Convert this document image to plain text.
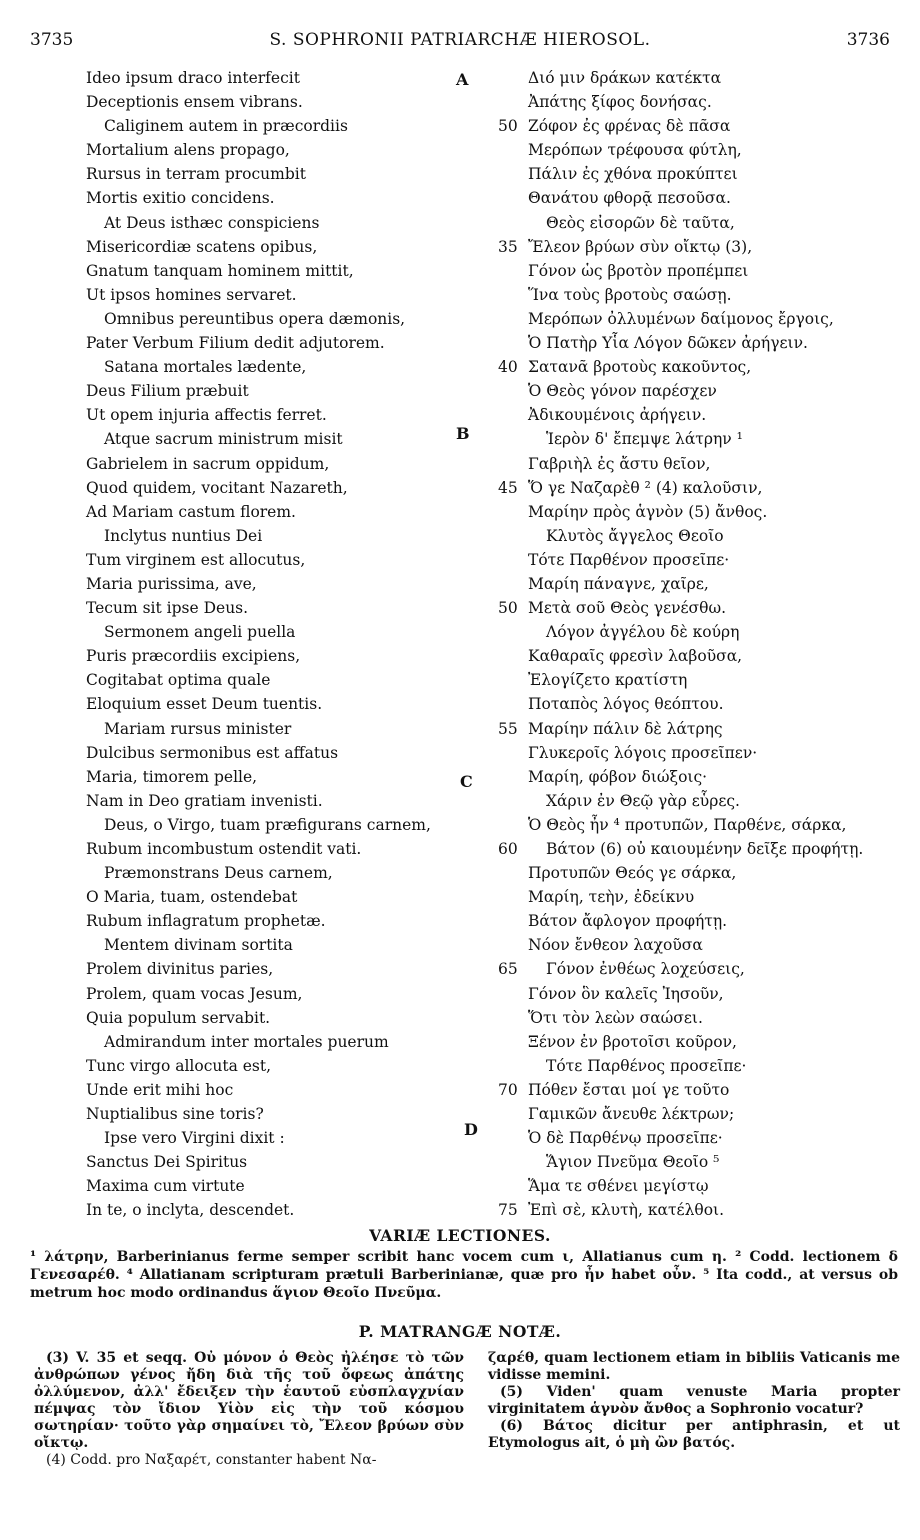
3735	S. SOPHRONII PATRIARCHÆ HIEROSOL.	3736
Ideo ipsum draco interfecit
Deceptionis ensem vibrans.
Caliginem autem in præcordiis
Mortalium alens propago,
Rursus in terram procumbit
Mortis exitio concidens.
At Deus isthæc conspiciens
Misericordiæ scatens opibus,
Gnatum tanquam hominem mittit,
Ut ipsos homines servaret.
Omnibus pereuntibus opera dæmonis,
Pater Verbum Filium dedit adjutorem.
Satana mortales lædente,
Deus Filium præbuit
Ut opem injuria affectis ferret.
Atque sacrum ministrum misit
Gabrielem in sacrum oppidum,
Quod quidem, vocitant Nazareth,
Ad Mariam castum florem.
Inclytus nuntius Dei
Tum virginem est allocutus,
Maria purissima, ave,
Tecum sit ipse Deus.
Sermonem angeli puella
Puris præcordiis excipiens,
Cogitabat optima quale
Eloquium esset Deum tuentis.
Mariam rursus minister
Dulcibus sermonibus est affatus
Maria, timorem pelle,
Nam in Deo gratiam invenisti.
Deus, o Virgo, tuam præfigurans carnem,
Rubum incombustum ostendit vati.
Præmonstrans Deus carnem,
O Maria, tuam, ostendebat
Rubum inflagratum prophetæ.
Mentem divinam sortita
Prolem divinitus paries,
Prolem, quam vocas Jesum,
Quia populum servabit.
Admirandum inter mortales puerum
Tunc virgo allocuta est,
Unde erit mihi hoc
Nuptialibus sine toris?
Ipse vero Virgini dixit :
Sanctus Dei Spiritus
Maxima cum virtute
In te, o inclyta, descendet.
Διό μιν δράκων κατέκτα
Ἀπάτης ξίφος δονήσας.
50 Ζόφον ἐς φρένας δὲ πᾶσα
Μερόπων τρέφουσα φύτλη,
Πάλιν ἐς χθόνα προκύπτει
Θανάτου φθορᾷ πεσοῦσα.
Θεὸς εἰσορῶν δὲ ταῦτα,
35 Ἔλεον βρύων σὺν οἴκτῳ (3),
Γόνον ὡς βροτὸν προπέμπει
Ἵνα τοὺς βροτοὺς σαώσῃ.
Μερόπων ὀλλυμένων δαίμονος ἔργοις,
Ὁ Πατὴρ Υἷα Λόγον δῶκεν ἀρήγειν.
40 Σατανᾶ βροτοὺς κακοῦντος,
Ὁ Θεὸς γόνον παρέσχεν
Ἀδικουμένοις ἀρήγειν.
Ἱερὸν δ' ἔπεμψε λάτρην ¹
Γαβριὴλ ἐς ἄστυ θεῖον,
45 Ὅ γε Ναζαρὲθ ² (4) καλοῦσιν,
Μαρίην πρὸς ἁγνὸν (5) ἄνθος.
Κλυτὸς ἄγγελος Θεοῖο
Τότε Παρθένον προσεῖπε·
Μαρίη πάναγνε, χαῖρε,
50 Μετὰ σοῦ Θεὸς γενέσθω.
Λόγον ἀγγέλου δὲ κούρη
Καθαραῖς φρεσὶν λαβοῦσα,
Ἐλογίζετο κρατίστη
Ποταπὸς λόγος θεόπτου.
55 Μαρίην πάλιν δὲ λάτρης
Γλυκεροῖς λόγοις προσεῖπεν·
Μαρίη, φόβον διώξοις·
Χάριν ἐν Θεῷ γὰρ εὗρες.
Ὁ Θεὸς ἦν ⁴ προτυπῶν, Παρθένε, σάρκα,
60 Βάτον (6) οὐ καιουμένην δεῖξε προφήτῃ.
Προτυπῶν Θεός γε σάρκα,
Μαρίη, τεὴν, ἐδείκνυ
Βάτον ἄφλογον προφήτῃ.
Νόον ἔνθεον λαχοῦσα
65 Γόνον ἐνθέως λοχεύσεις,
Γόνον ὃν καλεῖς Ἰησοῦν,
Ὅτι τὸν λεὼν σαώσει.
Ξένον ἐν βροτοῖσι κοῦρον,
Τότε Παρθένος προσεῖπε·
70 Πόθεν ἔσται μοί γε τοῦτο
Γαμικῶν ἄνευθε λέκτρων;
Ὁ δὲ Παρθένῳ προσεῖπε·
Ἅγιον Πνεῦμα Θεοῖο ⁵
Ἅμα τε σθένει μεγίστῳ
75 Ἐπὶ σὲ, κλυτὴ, κατέλθοι.
A
B
C
D
VARIÆ LECTIONES.
¹ λάτρην, Barberinianus ferme semper scribit hanc vocem cum ι, Allatianus cum η. ² Codd. lectionem δ Γενεσαρέθ. ⁴ Allatianam scripturam prætuli Barberinianæ, quæ pro ἦν habet οὖν. ⁵ Ita codd., at versus ob metrum hoc modo ordinandus ἅγιον Θεοῖο Πνεῦμα.
P. MATRANGÆ NOTÆ.
(3) V. 35 et seqq. Οὐ μόνον ὁ Θεὸς ἠλέησε τὸ τῶν ἀνθρώπων γένος ἤδη διὰ τῆς τοῦ ὄφεως ἀπάτης ὀλλύμενον, ἀλλ' ἔδειξεν τὴν ἑαυτοῦ εὐσπλαγχνίαν πέμψας τὸν ἴδιον Υἱὸν εἰς τὴν τοῦ κόσμου σωτηρίαν· τοῦτο γὰρ σημαίνει τὸ, Ἔλεον βρύων σὺν οἴκτῳ.
(4) Codd. pro Ναξαρέτ, constanter habent Να-
ζαρέθ, quam lectionem etiam in bibliis Vaticanis me vidisse memini.
(5) Viden' quam venuste Maria propter virginitatem ἁγνὸν ἄνθος a Sophronio vocatur?
(6) Βάτος dicitur per antiphrasin, et ut Etymologus ait, ὁ μὴ ὢν βατός.
